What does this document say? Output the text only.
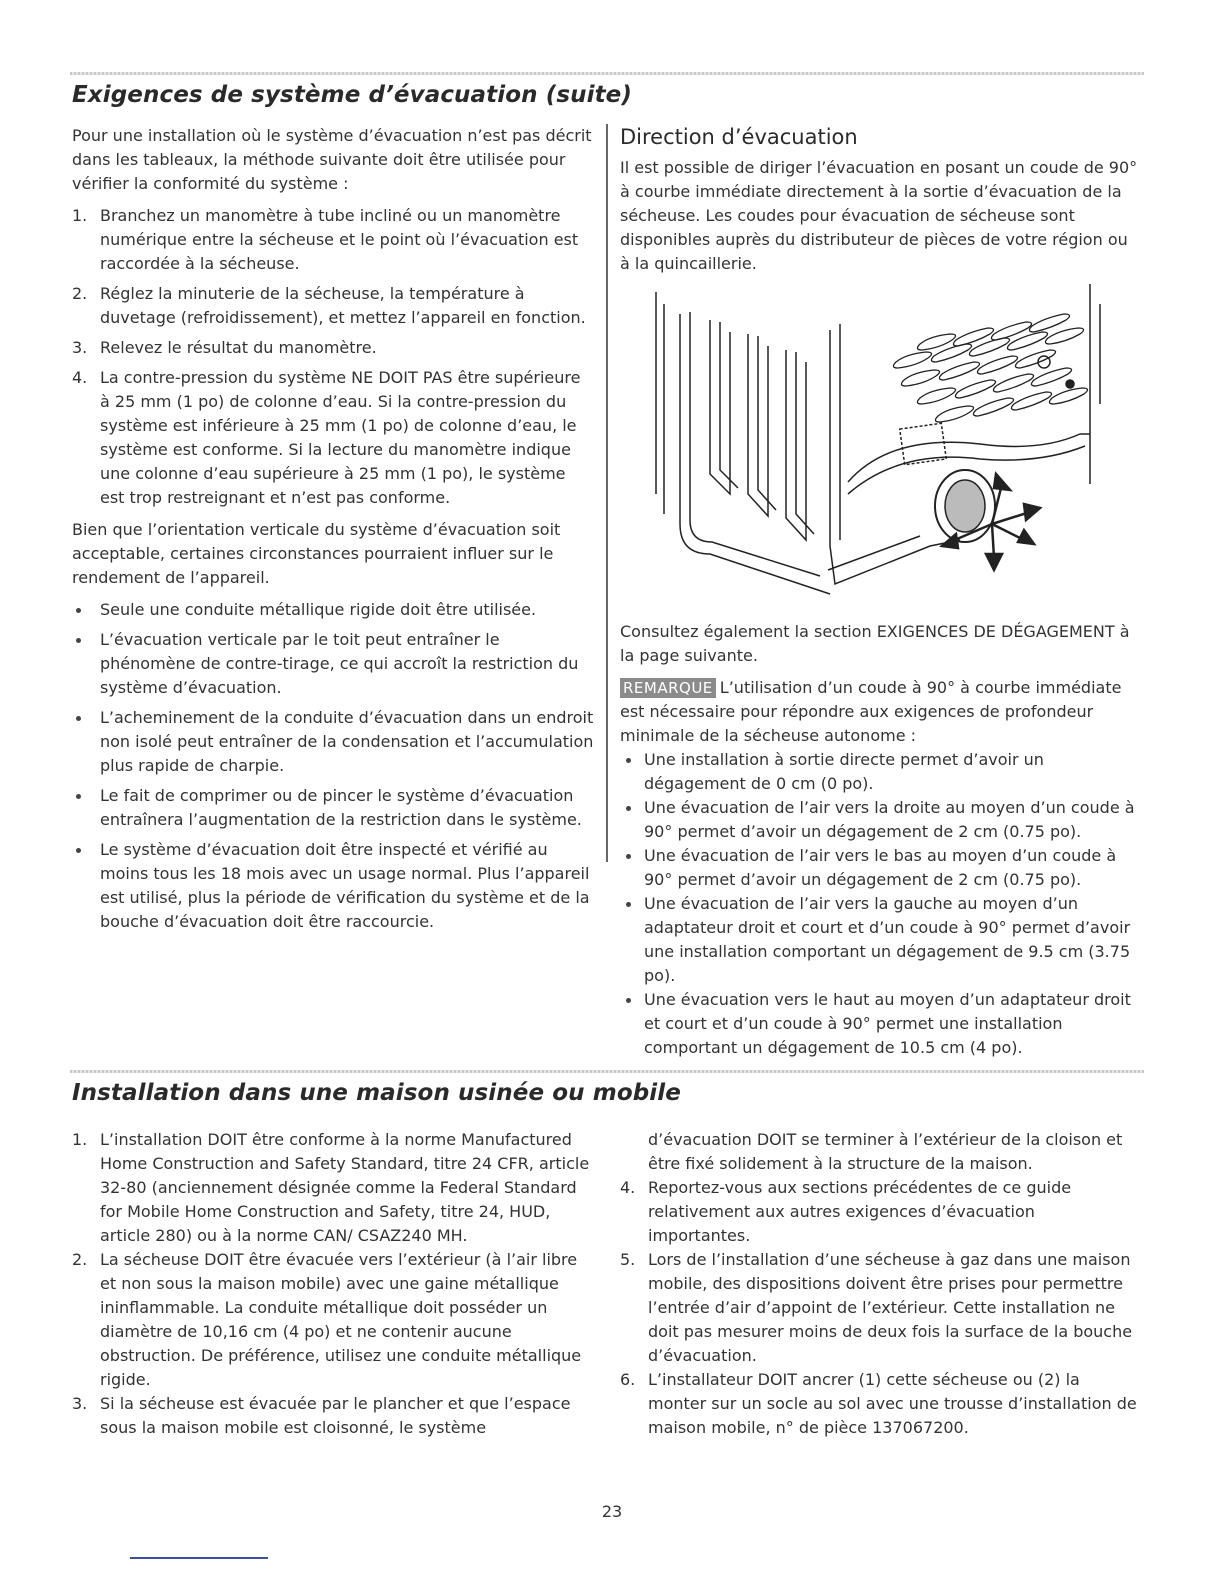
Exigences de système d’évacuation (suite)

Pour une installation où le système d’évacuation n’est pas décrit dans les tableaux, la méthode suivante doit être utilisée pour vérifier la conformité du système :

1. Branchez un manomètre à tube incliné ou un manomètre numérique entre la sécheuse et le point où l’évacuation est raccordée à la sécheuse.
2. Réglez la minuterie de la sécheuse, la température à duvetage (refroidissement), et mettez l’appareil en fonction.
3. Relevez le résultat du manomètre.
4. La contre-pression du système NE DOIT PAS être supérieure à 25 mm (1 po) de colonne d’eau. Si la contre-pression du système est inférieure à 25 mm (1 po) de colonne d’eau, le système est conforme. Si la lecture du manomètre indique une colonne d’eau supérieure à 25 mm (1 po), le système est trop restreignant et n’est pas conforme.

Bien que l’orientation verticale du système d’évacuation soit acceptable, certaines circonstances pourraient influer sur le rendement de l’appareil.

Seule une conduite métallique rigide doit être utilisée.
L’évacuation verticale par le toit peut entraîner le phénomène de contre-tirage, ce qui accroît la restriction du système d’évacuation.
L’acheminement de la conduite d’évacuation dans un endroit non isolé peut entraîner de la condensation et l’accumulation plus rapide de charpie.
Le fait de comprimer ou de pincer le système d’évacuation entraînera l’augmentation de la restriction dans le système.
Le système d’évacuation doit être inspecté et vérifié au moins tous les 18 mois avec un usage normal. Plus l’appareil est utilisé, plus la période de vérification du système et de la bouche d’évacuation doit être raccourcie.
Direction d’évacuation

Il est possible de diriger l’évacuation en posant un coude de 90° à courbe immédiate directement à la sortie d’évacuation de la sécheuse. Les coudes pour évacuation de sécheuse sont disponibles auprès du distributeur de pièces de votre région ou à la quincaillerie.

Consultez également la section EXIGENCES DE DÉGAGEMENT à la page suivante.

REMARQUE L’utilisation d’un coude à 90° à courbe immédiate est nécessaire pour répondre aux exigences de profondeur minimale de la sécheuse autonome :

Une installation à sortie directe permet d’avoir un dégagement de 0 cm (0 po).
Une évacuation de l’air vers la droite au moyen d’un coude à 90° permet d’avoir un dégagement de 2 cm (0.75 po).
Une évacuation de l’air vers le bas au moyen d’un coude à 90° permet d’avoir un dégagement de 2 cm (0.75 po).
Une évacuation de l’air vers la gauche au moyen d’un adaptateur droit et court et d’un coude à 90° permet d’avoir une installation comportant un dégagement de 9.5 cm (3.75 po).
Une évacuation vers le haut au moyen d’un adaptateur droit et court et d’un coude à 90° permet une installation comportant un dégagement de 10.5 cm (4 po).
Installation dans une maison usinée ou mobile
1. L’installation DOIT être conforme à la norme Manufactured Home Construction and Safety Standard, titre 24 CFR, article 32-80 (anciennement désignée comme la Federal Standard for Mobile Home Construction and Safety, titre 24, HUD, article 280) ou à la norme CAN/ CSAZ240 MH.
2. La sécheuse DOIT être évacuée vers l’extérieur (à l’air libre et non sous la maison mobile) avec une gaine métallique ininflammable. La conduite métallique doit posséder un diamètre de 10,16 cm (4 po) et ne contenir aucune obstruction. De préférence, utilisez une conduite métallique rigide.
3. Si la sécheuse est évacuée par le plancher et que l’espace sous la maison mobile est cloisonné, le système

d’évacuation DOIT se terminer à l’extérieur de la cloison et être fixé solidement à la structure de la maison.

4. Reportez-vous aux sections précédentes de ce guide relativement aux autres exigences d’évacuation importantes.
5. Lors de l’installation d’une sécheuse à gaz dans une maison mobile, des dispositions doivent être prises pour permettre l’entrée d’air d’appoint de l’extérieur. Cette installation ne doit pas mesurer moins de deux fois la surface de la bouche d’évacuation.
6. L’installateur DOIT ancrer (1) cette sécheuse ou (2) la monter sur un socle au sol avec une trousse d’installation de maison mobile, n° de pièce 137067200.
23
